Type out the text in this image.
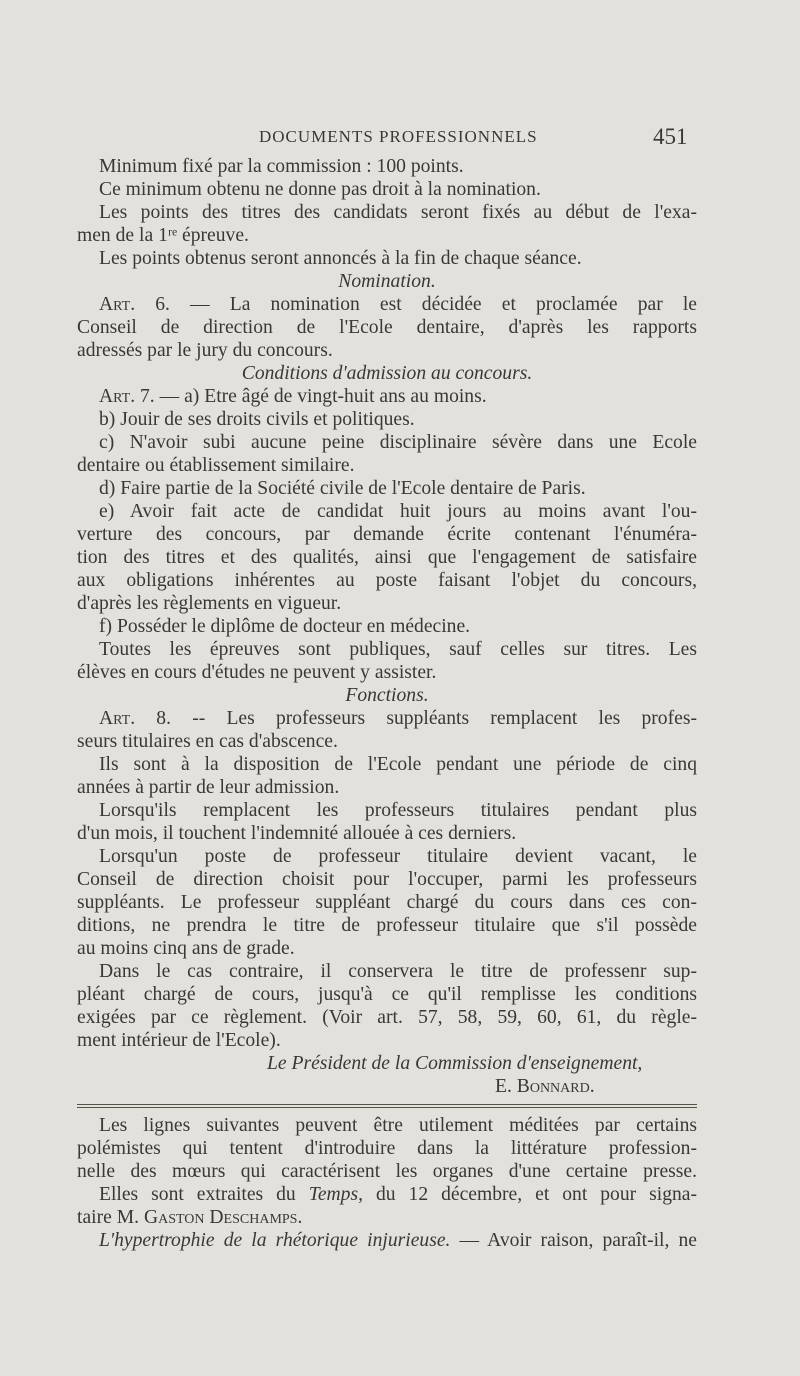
DOCUMENTS PROFESSIONNELS	451
Minimum fixé par la commission : 100 points.
Ce minimum obtenu ne donne pas droit à la nomination.
Les points des titres des candidats seront fixés au début de l'exa-
men de la 1ʳᵉ épreuve.
Les points obtenus seront annoncés à la fin de chaque séance.
Nomination.
Art. 6. — La nomination est décidée et proclamée par le
Conseil de direction de l'Ecole dentaire, d'après les rapports
adressés par le jury du concours.
Conditions d'admission au concours.
Art. 7. — a) Etre âgé de vingt-huit ans au moins.
b) Jouir de ses droits civils et politiques.
c) N'avoir subi aucune peine disciplinaire sévère dans une Ecole
dentaire ou établissement similaire.
d) Faire partie de la Société civile de l'Ecole dentaire de Paris.
e) Avoir fait acte de candidat huit jours au moins avant l'ou-
verture des concours, par demande écrite contenant l'énuméra-
tion des titres et des qualités, ainsi que l'engagement de satisfaire
aux obligations inhérentes au poste faisant l'objet du concours,
d'après les règlements en vigueur.
f) Posséder le diplôme de docteur en médecine.
Toutes les épreuves sont publiques, sauf celles sur titres. Les
élèves en cours d'études ne peuvent y assister.
Fonctions.
Art. 8. -- Les professeurs suppléants remplacent les profes-
seurs titulaires en cas d'abscence.
Ils sont à la disposition de l'Ecole pendant une période de cinq
années à partir de leur admission.
Lorsqu'ils remplacent les professeurs titulaires pendant plus
d'un mois, il touchent l'indemnité allouée à ces derniers.
Lorsqu'un poste de professeur titulaire devient vacant, le
Conseil de direction choisit pour l'occuper, parmi les professeurs
suppléants. Le professeur suppléant chargé du cours dans ces con-
ditions, ne prendra le titre de professeur titulaire que s'il possède
au moins cinq ans de grade.
Dans le cas contraire, il conservera le titre de professenr sup-
pléant chargé de cours, jusqu'à ce qu'il remplisse les conditions
exigées par ce règlement. (Voir art. 57, 58, 59, 60, 61, du règle-
ment intérieur de l'Ecole).
Le Président de la Commission d'enseignement,
E. Bonnard.
Les lignes suivantes peuvent être utilement méditées par certains
polémistes qui tentent d'introduire dans la littérature profession-
nelle des mœurs qui caractérisent les organes d'une certaine presse.
Elles sont extraites du Temps, du 12 décembre, et ont pour signa-
taire M. Gaston Deschamps.
L'hypertrophie de la rhétorique injurieuse. — Avoir raison, paraît-il, ne
